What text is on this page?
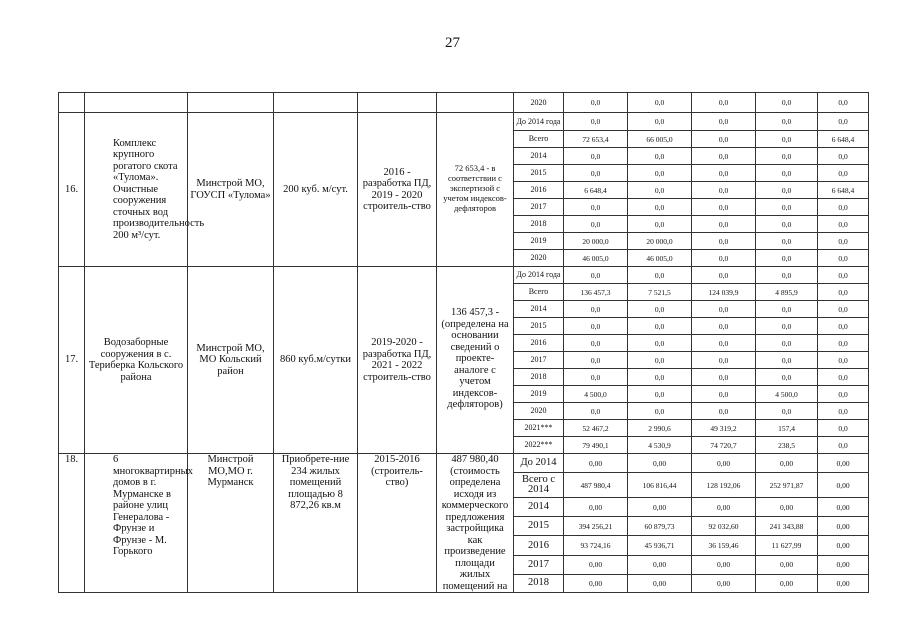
27
						2020	0,0	0,0	0,0	0,0	0,0
16.	Комплекс крупного рогатого скота «Тулома». Очистные сооружения сточных вод производительность 200 м³/сут.	Минстрой МО, ГОУСП «Тулома»	200 куб. м/сут.	2016 - разработка ПД, 2019 - 2020 строитель-ство	72 653,4 - в соответствии с экспертизой с учетом индексов-дефляторов	До 2014 года	0,0	0,0	0,0	0,0	0,0
						Всего	72 653,4	66 005,0	0,0	0,0	6 648,4
						2014	0,0	0,0	0,0	0,0	0,0
						2015	0,0	0,0	0,0	0,0	0,0
						2016	6 648,4	0,0	0,0	0,0	6 648,4
						2017	0,0	0,0	0,0	0,0	0,0
						2018	0,0	0,0	0,0	0,0	0,0
						2019	20 000,0	20 000,0	0,0	0,0	0,0
						2020	46 005,0	46 005,0	0,0	0,0	0,0
17.	Водозаборные сооружения в с. Териберка Кольского района	Минстрой МО, МО Кольский район	860 куб.м/сутки	2019-2020 - разработка ПД, 2021 - 2022 строитель-ство	136 457,3 - (определена на основании сведений о проекте-аналоге с учетом индексов-дефляторов)	До 2014 года	0,0	0,0	0,0	0,0	0,0
						Всего	136 457,3	7 521,5	124 039,9	4 895,9	0,0
						2014	0,0	0,0	0,0	0,0	0,0
						2015	0,0	0,0	0,0	0,0	0,0
						2016	0,0	0,0	0,0	0,0	0,0
						2017	0,0	0,0	0,0	0,0	0,0
						2018	0,0	0,0	0,0	0,0	0,0
						2019	4 500,0	0,0	0,0	4 500,0	0,0
						2020	0,0	0,0	0,0	0,0	0,0
						2021***	52 467,2	2 990,6	49 319,2	157,4	0,0
						2022***	79 490,1	4 530,9	74 720,7	238,5	0,0
18.	6 многоквартирных домов в г. Мурманске в районе улиц Генералова - Фрунзе и Фрунзе - М. Горького	Минстрой МО,МО г. Мурманск	Приобрете-ние 234 жилых помещений площадью 8 872,26 кв.м	2015-2016 (строитель-ство)	487 980,40 (стоимость определена исходя из коммерческого предложения застройщика как произведение площади жилых помещений на	До 2014	0,00	0,00	0,00	0,00	0,00
						Всего с 2014	487 980,4	106 816,44	128 192,06	252 971,87	0,00
						2014	0,00	0,00	0,00	0,00	0,00
						2015	394 256,21	60 879,73	92 032,60	241 343,88	0,00
						2016	93 724,16	45 936,71	36 159,46	11 627,99	0,00
						2017	0,00	0,00	0,00	0,00	0,00
						2018	0,00	0,00	0,00	0,00	0,00
